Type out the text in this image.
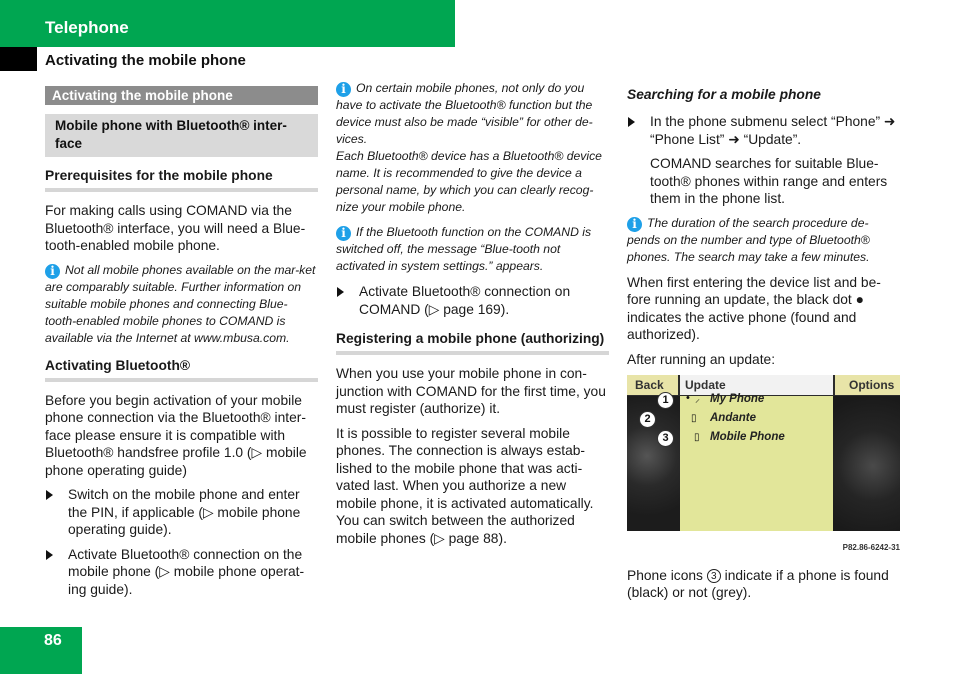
Telephone
Activating the mobile phone
Activating the mobile phone
Mobile phone with Bluetooth® inter-face
Prerequisites for the mobile phone

For making calls using COMAND via the Bluetooth® interface, you will need a Blue-tooth-enabled mobile phone.

i Not all mobile phones available on the mar-ket are comparably suitable. Further information on suitable mobile phones and connecting Blue-tooth-enabled mobile phones to COMAND is available via the Internet at www.mbusa.com.
Activating Bluetooth®

Before you begin activation of your mobile phone connection via the Bluetooth® inter-face please ensure it is compatible with Bluetooth® handsfree profile 1.0 (▷ mobile phone operating guide)

Switch on the mobile phone and enter the PIN, if applicable (▷ mobile phone operating guide).
Activate Bluetooth® connection on the mobile phone (▷ mobile phone operat-ing guide).
i On certain mobile phones, not only do you have to activate the Bluetooth® function but the device must also be made “visible” for other de-vices.
Each Bluetooth® device has a Bluetooth® device name. It is recommended to give the device a personal name, by which you can clearly recog-nize your mobile phone.
i If the Bluetooth function on the COMAND is switched off, the message “Blue-tooth not activated in system settings.” appears.
Activate Bluetooth® connection on COMAND (▷ page 169).
Registering a mobile phone (authorizing)

When you use your mobile phone in con-junction with COMAND for the first time, you must register (authorize) it.

It is possible to register several mobile phones. The connection is always estab-lished to the mobile phone that was acti-vated last. When you authorize a new mobile phone, it is activated automatically. You can switch between the authorized mobile phones (▷ page 88).

Searching for a mobile phone
In the phone submenu select “Phone” ➜ “Phone List” ➜ “Update”.

COMAND searches for suitable Blue-tooth® phones within range and enters them in the phone list.

i The duration of the search procedure de-pends on the number and type of Bluetooth® phones. The search may take a few minutes.

When first entering the device list and be-fore running an update, the black dot ● indicates the active phone (found and authorized).

After running an update:

Back	Update	Options
• ⸝
▯
▯
My Phone
Andante
Mobile Phone
1
2
3
P82.86-6242-31

Phone icons 3 indicate if a phone is found (black) or not (grey).

86
